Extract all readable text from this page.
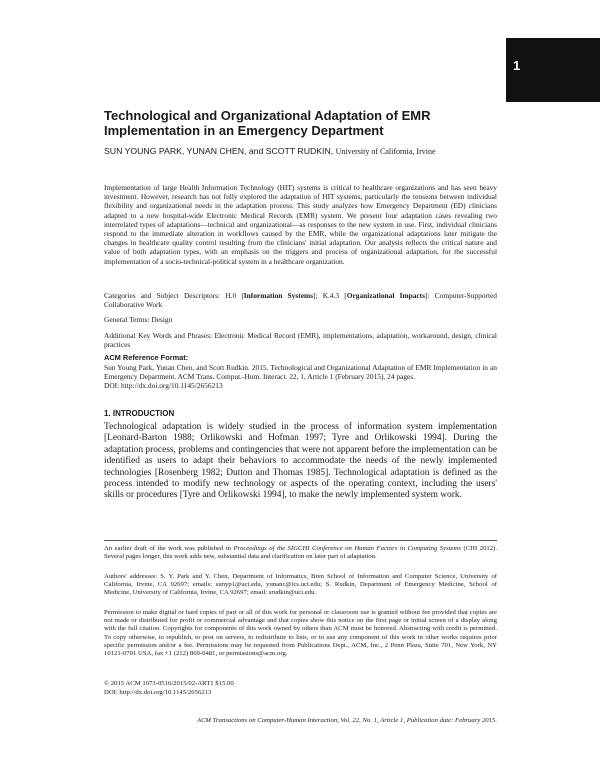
1
Technological and Organizational Adaptation of EMR Implementation in an Emergency Department
SUN YOUNG PARK, YUNAN CHEN, and SCOTT RUDKIN, University of California, Irvine

Implementation of large Health Information Technology (HIT) systems is critical to healthcare organizations and has seen heavy investment. However, research has not fully explored the adaptation of HIT systems, particularly the tensions between individual flexibility and organizational needs in the adaptation process. This study analyzes how Emergency Department (ED) clinicians adapted to a new hospital-wide Electronic Medical Records (EMR) system. We present four adaptation cases revealing two interrelated types of adaptations—technical and organizational—as responses to the new system in use. First, individual clinicians respond to the immediate alteration in workflows caused by the EMR, while the organizational adaptations later mitigate the changes in healthcare quality control resulting from the clinicians' initial adaptation. Our analysis reflects the critical nature and value of both adaptation types, with an emphasis on the triggers and process of organizational adaptation, for the successful implementation of a socio-technical-political system in a healthcare organization.

Categories and Subject Descriptors: H.0 [Information Systems]; K.4.3 [Organizational Impacts]: Computer-Supported Collaborative Work

General Terms: Design

Additional Key Words and Phrases: Electronic Medical Record (EMR), implementations, adaptation, workaround, design, clinical practices

ACM Reference Format:
Sun Young Park, Yunan Chen, and Scott Rudkin. 2015. Technological and Organizational Adaptation of EMR Implementation in an Emergency Department. ACM Trans. Comput.-Hum. Interact. 22, 1, Article 1 (February 2015), 24 pages.
DOI: http://dx.doi.org/10.1145/2656213
1. INTRODUCTION

Technological adaptation is widely studied in the process of information system implementation [Leonard-Barton 1988; Orlikowski and Hofman 1997; Tyre and Orlikowski 1994]. During the adaptation process, problems and contingencies that were not apparent before the implementation can be identified as users to adapt their behaviors to accommodate the needs of the newly implemented technologies [Rosenberg 1982; Dutton and Thomas 1985]. Technological adaptation is defined as the process intended to modify new technology or aspects of the operating context, including the users' skills or procedures [Tyre and Orlikowski 1994], to make the newly implemented system work.

An earlier draft of the work was published in Proceedings of the SIGCHI Conference on Human Factors in Computing Systems (CHI 2012). Several pages longer, this work adds new, substantial data and clarification on later part of adaptation.

Authors' addresses: S. Y. Park and Y. Chen, Department of Informatics, Bren School of Information and Computer Science, University of California, Irvine, CA 92697; emails: sunyp1@uci.edu, yunanc@ics.uci.edu; S. Rudkin, Department of Emergency Medicine, School of Medicine, University of California, Irvine, CA 92697; email: srudkin@uci.edu.

Permission to make digital or hard copies of part or all of this work for personal or classroom use is granted without fee provided that copies are not made or distributed for profit or commercial advantage and that copies show this notice on the first page or initial screen of a display along with the full citation. Copyrights for components of this work owned by others than ACM must be honored. Abstracting with credit is permitted. To copy otherwise, to republish, to post on servers, to redistribute to lists, or to use any component of this work in other works requires prior specific permission and/or a fee. Permissions may be requested from Publications Dept., ACM, Inc., 2 Penn Plaza, Suite 701, New York, NY 10121-0701 USA, fax +1 (212) 869-0481, or permissions@acm.org.

© 2015 ACM 1073-0516/2015/02-ART1 $15.00

DOI: http://dx.doi.org/10.1145/2656213

ACM Transactions on Computer-Human Interaction, Vol. 22, No. 1, Article 1, Publication date: February 2015.
